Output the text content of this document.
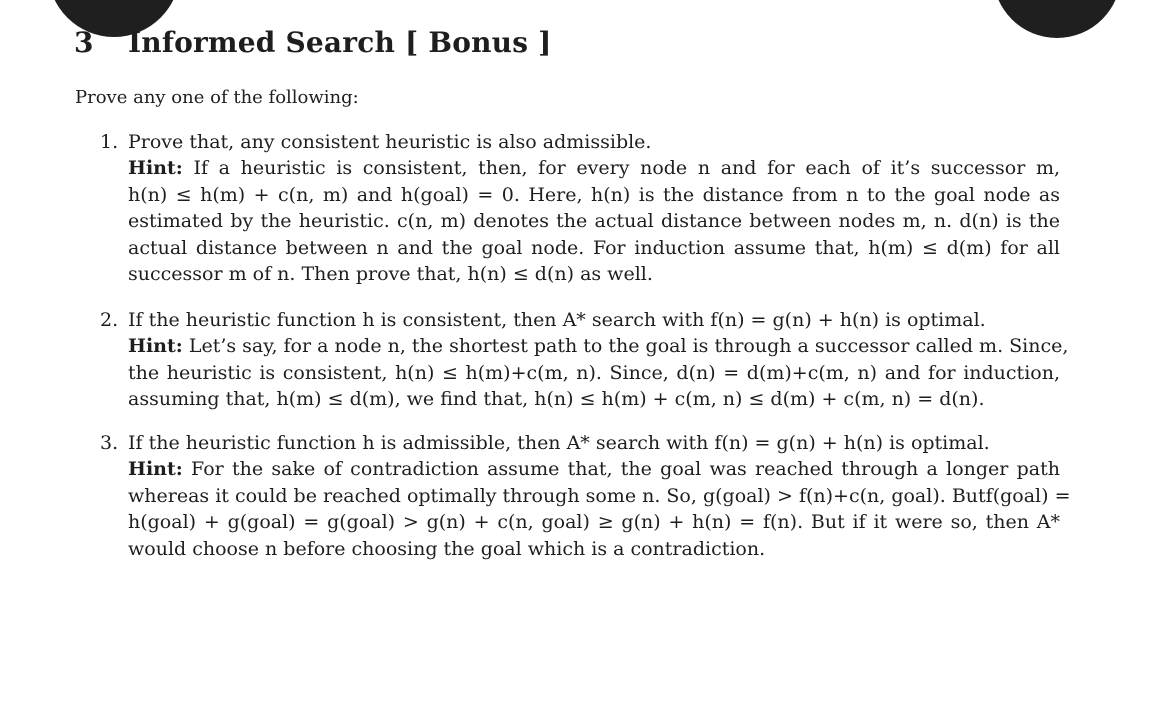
3 Informed Search [ Bonus ]
Prove any one of the following:
1. Prove that, any consistent heuristic is also admissible.
Hint: If a heuristic is consistent, then, for every node n and for each of it’s successor m,
h(n) ≤ h(m) + c(n, m) and h(goal) = 0. Here, h(n) is the distance from n to the goal node as
estimated by the heuristic. c(n, m) denotes the actual distance between nodes m, n. d(n) is the
actual distance between n and the goal node. For induction assume that, h(m) ≤ d(m) for all
successor m of n. Then prove that, h(n) ≤ d(n) as well.
2. If the heuristic function h is consistent, then A* search with f(n) = g(n) + h(n) is optimal.
Hint: Let’s say, for a node n, the shortest path to the goal is through a successor called m. Since,
the heuristic is consistent, h(n) ≤ h(m)+c(m, n). Since, d(n) = d(m)+c(m, n) and for induction,
assuming that, h(m) ≤ d(m), we find that, h(n) ≤ h(m) + c(m, n) ≤ d(m) + c(m, n) = d(n).
3. If the heuristic function h is admissible, then A* search with f(n) = g(n) + h(n) is optimal.
Hint: For the sake of contradiction assume that, the goal was reached through a longer path
whereas it could be reached optimally through some n. So, g(goal) > f(n)+c(n, goal). Butf(goal) =
h(goal) + g(goal) = g(goal) > g(n) + c(n, goal) ≥ g(n) + h(n) = f(n). But if it were so, then A*
would choose n before choosing the goal which is a contradiction.
